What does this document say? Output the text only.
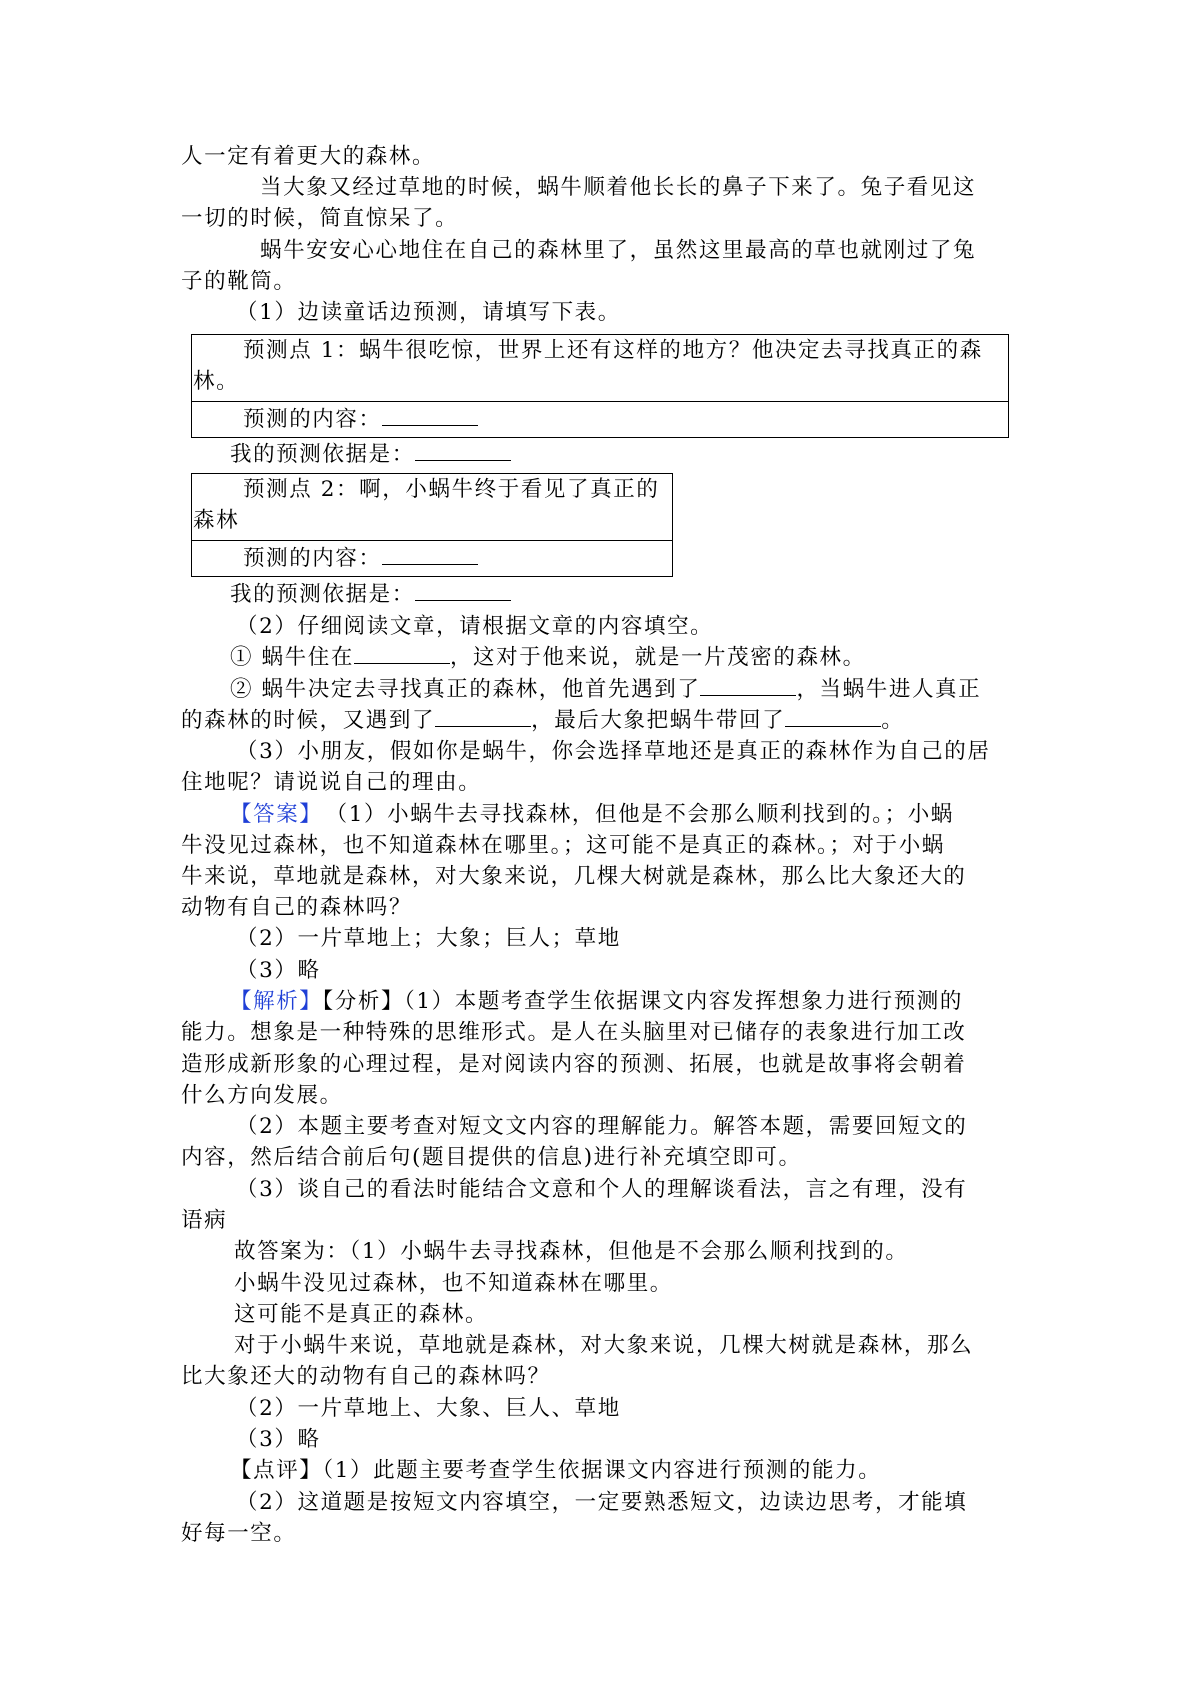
人一定有着更大的森林。
当大象又经过草地的时候，蜗牛顺着他长长的鼻子下来了。兔子看见这
一切的时候，简直惊呆了。
蜗牛安安心心地住在自己的森林里了，虽然这里最高的草也就刚过了兔
子的靴筒。
（1）边读童话边预测，请填写下表。
预测点 1：蜗牛很吃惊，世界上还有这样的地方？他决定去寻找真正的森
林。
预测的内容：
我的预测依据是：
预测点 2：啊，小蜗牛终于看见了真正的
森林
预测的内容：
我的预测依据是：
（2）仔细阅读文章，请根据文章的内容填空。
① 蜗牛住在	，这对于他来说，就是一片茂密的森林。
② 蜗牛决定去寻找真正的森林，他首先遇到了	，当蜗牛进人真正
的森林的时候，又遇到了	，最后大象把蜗牛带回了	。
（3）小朋友，假如你是蜗牛，你会选择草地还是真正的森林作为自己的居
住地呢？请说说自己的理由。
【答案】 （1）小蜗牛去寻找森林，但他是不会那么顺利找到的。；小蜗
牛没见过森林，也不知道森林在哪里。；这可能不是真正的森林。；对于小蜗
牛来说，草地就是森林，对大象来说，几棵大树就是森林，那么比大象还大的
动物有自己的森林吗？
（2）一片草地上；大象；巨人；草地
（3）略
【解析】【分析】（1）本题考查学生依据课文内容发挥想象力进行预测的
能力。想象是一种特殊的思维形式。是人在头脑里对已储存的表象进行加工改
造形成新形象的心理过程，是对阅读内容的预测、拓展，也就是故事将会朝着
什么方向发展。
（2）本题主要考查对短文文内容的理解能力。解答本题，需要回短文的
内容，然后结合前后句(题目提供的信息)进行补充填空即可。
（3）谈自己的看法时能结合文意和个人的理解谈看法，言之有理，没有
语病
故答案为：（1）小蜗牛去寻找森林，但他是不会那么顺利找到的。
小蜗牛没见过森林，也不知道森林在哪里。
这可能不是真正的森林。
对于小蜗牛来说，草地就是森林，对大象来说，几棵大树就是森林，那么
比大象还大的动物有自己的森林吗？
（2）一片草地上、大象、巨人、草地
（3）略
【点评】（1）此题主要考查学生依据课文内容进行预测的能力。
（2）这道题是按短文内容填空，一定要熟悉短文，边读边思考，才能填
好每一空。
